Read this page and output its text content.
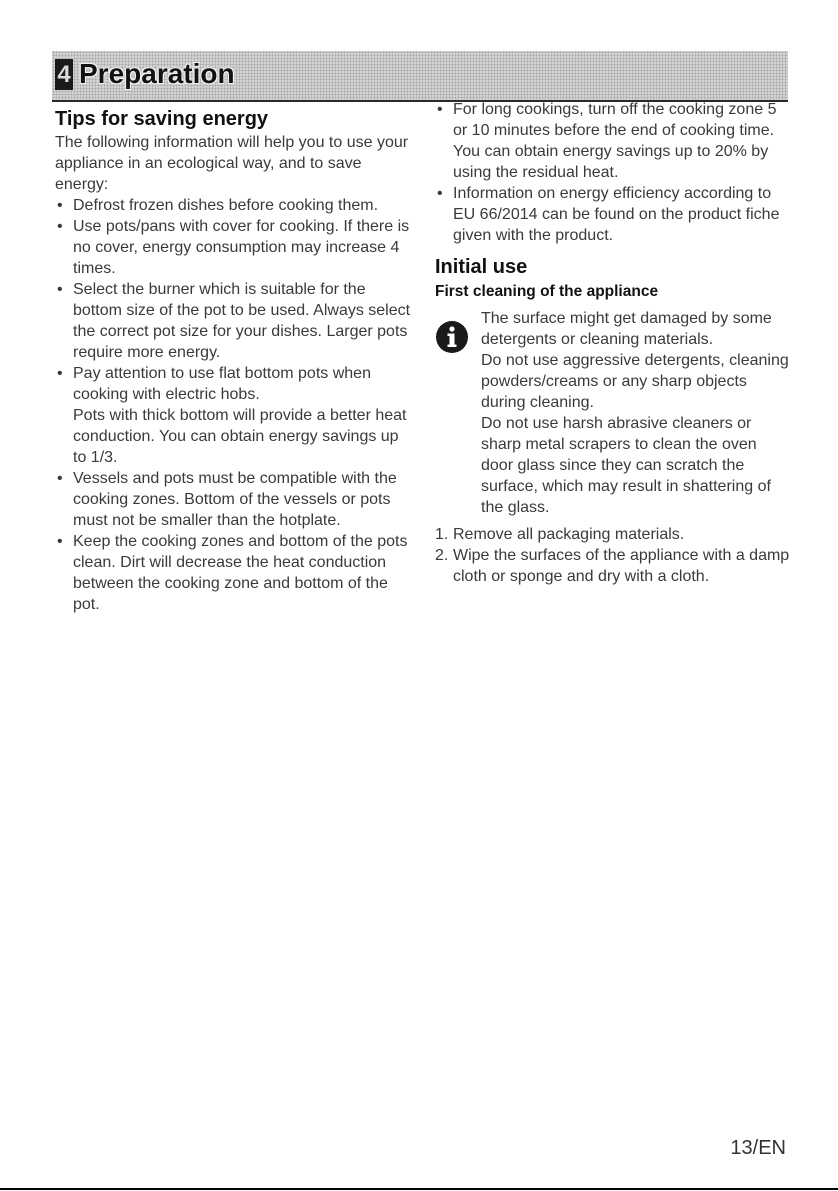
4 Preparation
Tips for saving energy

The following information will help you to use your appliance in an ecological way, and to save energy:

• Defrost frozen dishes before cooking them.
• Use pots/pans with cover for cooking. If there is no cover, energy consumption may increase 4 times.
• Select the burner which is suitable for the bottom size of the pot to be used. Always select the correct pot size for your dishes. Larger pots require more energy.
• Pay attention to use flat bottom pots when cooking with electric hobs.
Pots with thick bottom will provide a better heat conduction. You can obtain energy savings up to 1/3.
• Vessels and pots must be compatible with the cooking zones. Bottom of the vessels or pots must not be smaller than the hotplate.
• Keep the cooking zones and bottom of the pots clean. Dirt will decrease the heat conduction between the cooking zone and bottom of the pot.
• For long cookings, turn off the cooking zone 5 or 10 minutes before the end of cooking time. You can obtain energy savings up to 20% by using the residual heat.
• Information on energy efficiency according to EU 66/2014 can be found on the product fiche given with the product.
Initial use
First cleaning of the appliance

The surface might get damaged by some detergents or cleaning materials.

Do not use aggressive detergents, cleaning powders/creams or any sharp objects during cleaning.

Do not use harsh abrasive cleaners or sharp metal scrapers to clean the oven door glass since they can scratch the surface, which may result in shattering of the glass.

1. Remove all packaging materials.
2. Wipe the surfaces of the appliance with a damp cloth or sponge and dry with a cloth.
13/EN
